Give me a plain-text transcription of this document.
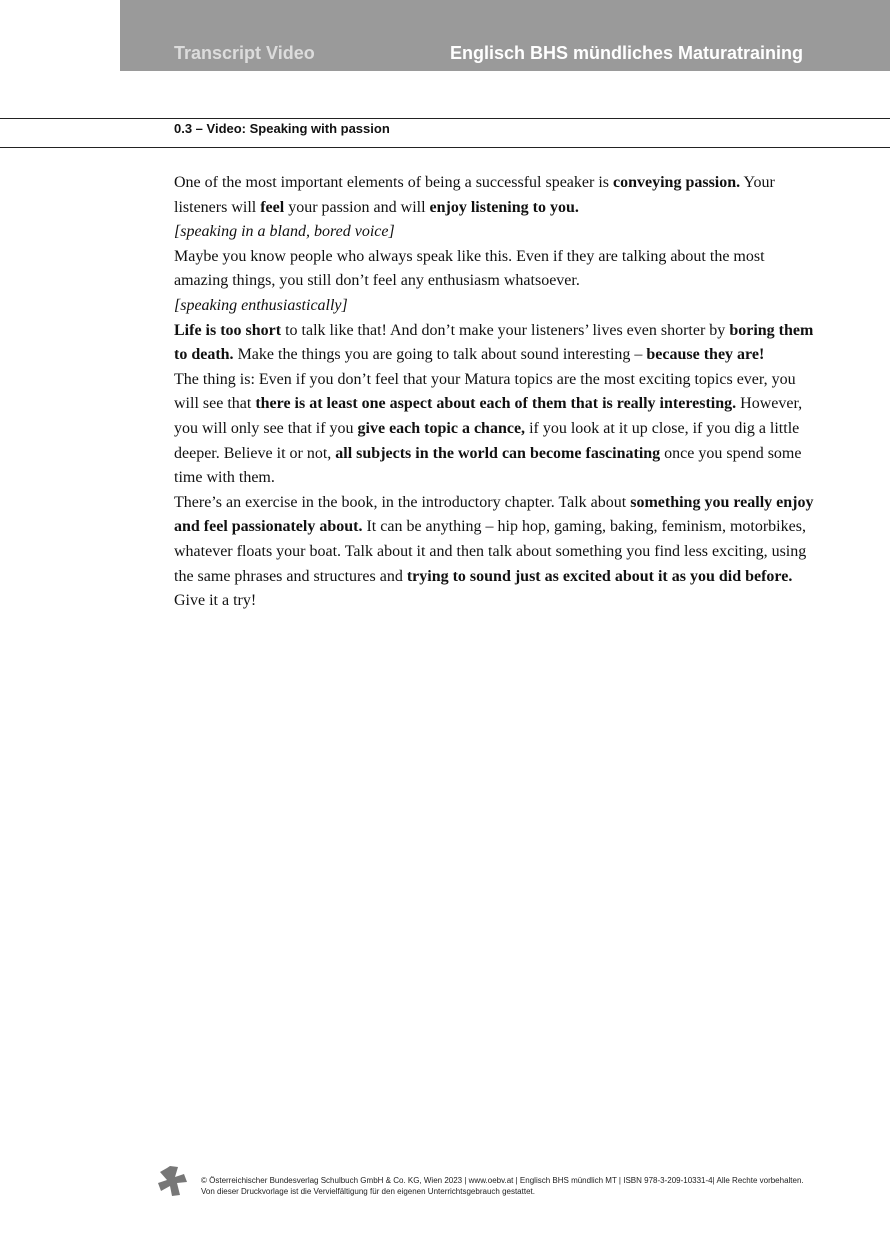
Transcript Video	Englisch BHS mündliches Maturatraining
0.3 – Video: Speaking with passion

One of the most important elements of being a successful speaker is conveying passion. Your listeners will feel your passion and will enjoy listening to you.

[speaking in a bland, bored voice]

Maybe you know people who always speak like this. Even if they are talking about the most amazing things, you still don’t feel any enthusiasm whatsoever.

[speaking enthusiastically]

Life is too short to talk like that! And don’t make your listeners’ lives even shorter by boring them to death. Make the things you are going to talk about sound interesting – because they are!

The thing is: Even if you don’t feel that your Matura topics are the most exciting topics ever, you will see that there is at least one aspect about each of them that is really interesting. However, you will only see that if you give each topic a chance, if you look at it up close, if you dig a little deeper. Believe it or not, all subjects in the world can become fascinating once you spend some time with them.

There’s an exercise in the book, in the introductory chapter. Talk about something you really enjoy and feel passionately about. It can be anything – hip hop, gaming, baking, feminism, motorbikes, whatever floats your boat. Talk about it and then talk about something you find less exciting, using the same phrases and structures and trying to sound just as excited about it as you did before. Give it a try!

© Österreichischer Bundesverlag Schulbuch GmbH & Co. KG, Wien 2023 | www.oebv.at | Englisch BHS mündlich MT | ISBN 978-3-209-10331-4| Alle Rechte vorbehalten.
Von dieser Druckvorlage ist die Vervielfältigung für den eigenen Unterrichtsgebrauch gestattet.
